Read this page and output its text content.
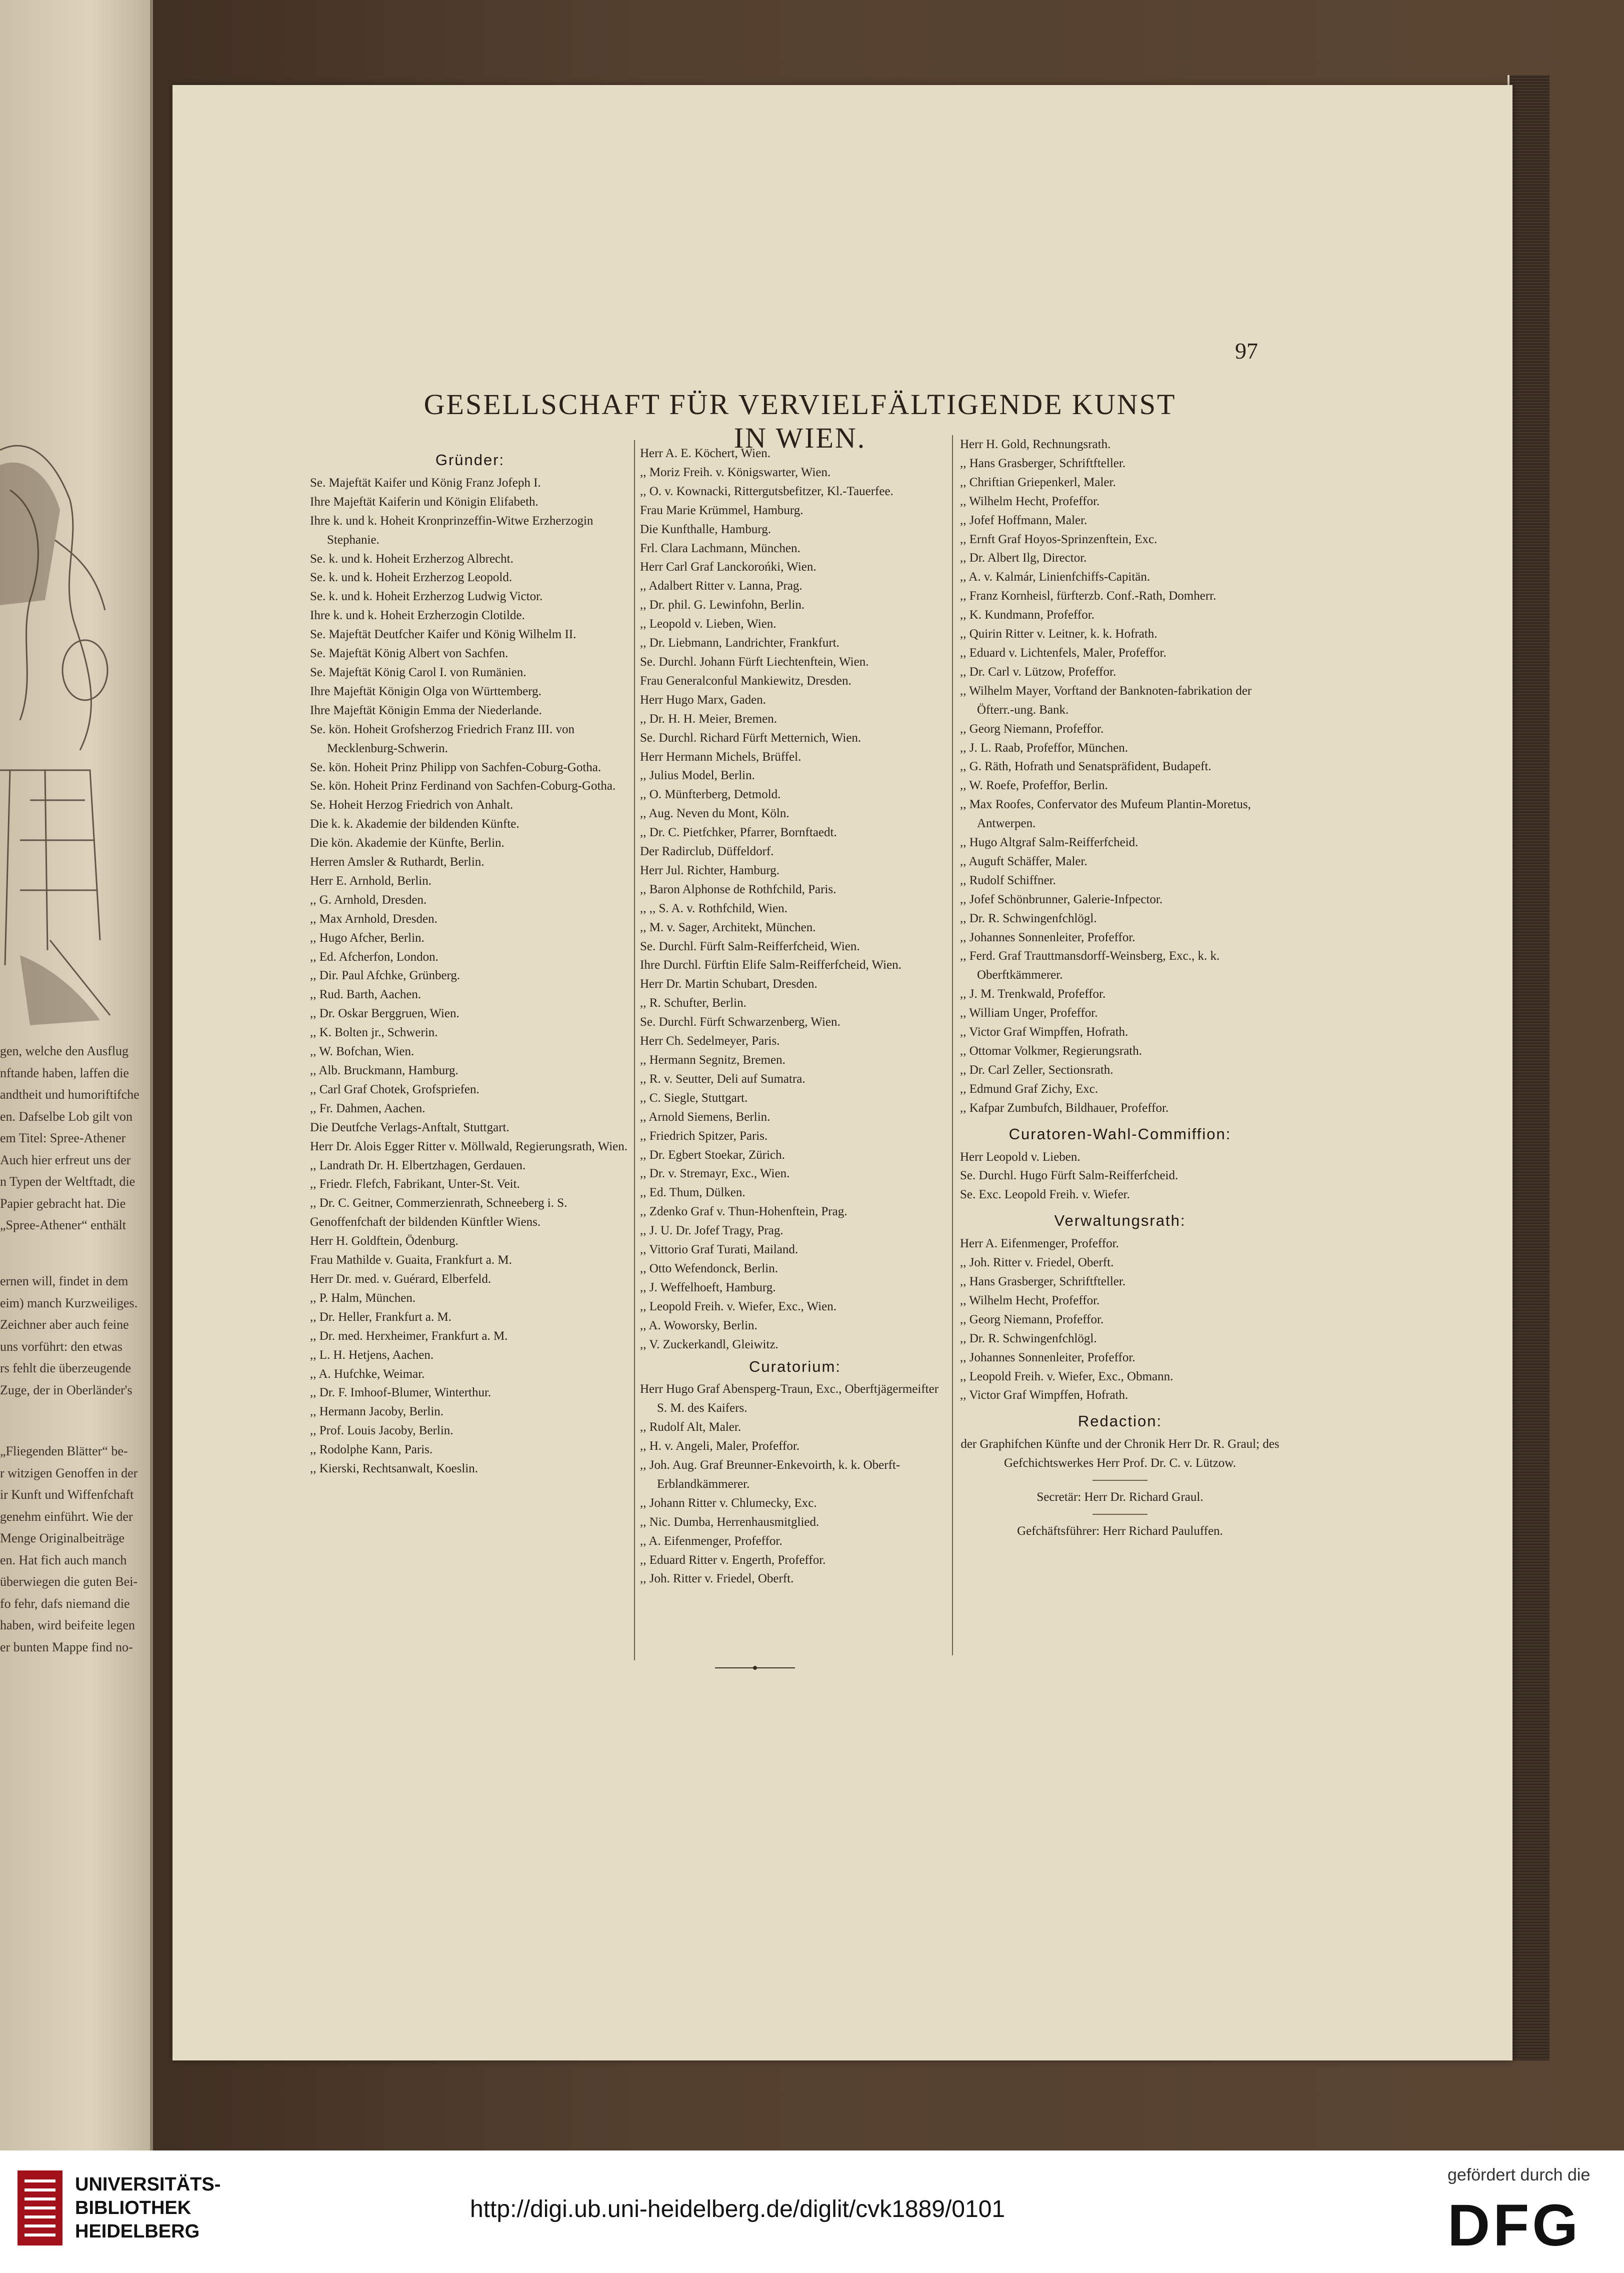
gen, welche den Ausflug
nftande haben, laffen die
andtheit und humoriftifche
en. Dafselbe Lob gilt von
em Titel: Spree-Athener
Auch hier erfreut uns der
n Typen der Weltftadt, die
Papier gebracht hat. Die
„Spree-Athener“ enthält
ernen will, findet in dem
eim) manch Kurzweiliges.
Zeichner aber auch feine
uns vorführt: den etwas
rs fehlt die überzeugende
Zuge, der in Oberländer's
„Fliegenden Blätter“ be-
r witzigen Genoffen in der
ir Kunft und Wiffenfchaft
genehm einführt. Wie der
Menge Originalbeiträge
en. Hat fich auch manch
überwiegen die guten Bei-
fo fehr, dafs niemand die
haben, wird beifeite legen
er bunten Mappe find no-
97
GESELLSCHAFT FÜR VERVIELFÄLTIGENDE KUNST IN WIEN.
Gründer:
Se. Majeftät Kaifer und König Franz Jofeph I.
Ihre Majeftät Kaiferin und Königin Elifabeth.
Ihre k. und k. Hoheit Kronprinzeffin-Witwe Erzherzogin Stephanie.
Se. k. und k. Hoheit Erzherzog Albrecht.
Se. k. und k. Hoheit Erzherzog Leopold.
Se. k. und k. Hoheit Erzherzog Ludwig Victor.
Ihre k. und k. Hoheit Erzherzogin Clotilde.
Se. Majeftät Deutfcher Kaifer und König Wilhelm II.
Se. Majeftät König Albert von Sachfen.
Se. Majeftät König Carol I. von Rumänien.
Ihre Majeftät Königin Olga von Württemberg.
Ihre Majeftät Königin Emma der Niederlande.
Se. kön. Hoheit Grofsherzog Friedrich Franz III. von Mecklenburg-Schwerin.
Se. kön. Hoheit Prinz Philipp von Sachfen-Coburg-Gotha.
Se. kön. Hoheit Prinz Ferdinand von Sachfen-Coburg-Gotha.
Se. Hoheit Herzog Friedrich von Anhalt.
Die k. k. Akademie der bildenden Künfte.
Die kön. Akademie der Künfte, Berlin.
Herren Amsler & Ruthardt, Berlin.
Herr E. Arnhold, Berlin.
,, G. Arnhold, Dresden.
,, Max Arnhold, Dresden.
,, Hugo Afcher, Berlin.
,, Ed. Afcherfon, London.
,, Dir. Paul Afchke, Grünberg.
,, Rud. Barth, Aachen.
,, Dr. Oskar Berggruen, Wien.
,, K. Bolten jr., Schwerin.
,, W. Bofchan, Wien.
,, Alb. Bruckmann, Hamburg.
,, Carl Graf Chotek, Grofspriefen.
,, Fr. Dahmen, Aachen.
Die Deutfche Verlags-Anftalt, Stuttgart.
Herr Dr. Alois Egger Ritter v. Möllwald, Regierungsrath, Wien.
,, Landrath Dr. H. Elbertzhagen, Gerdauen.
,, Friedr. Flefch, Fabrikant, Unter-St. Veit.
,, Dr. C. Geitner, Commerzienrath, Schneeberg i. S.
Genoffenfchaft der bildenden Künftler Wiens.
Herr H. Goldftein, Ödenburg.
Frau Mathilde v. Guaita, Frankfurt a. M.
Herr Dr. med. v. Guérard, Elberfeld.
,, P. Halm, München.
,, Dr. Heller, Frankfurt a. M.
,, Dr. med. Herxheimer, Frankfurt a. M.
,, L. H. Hetjens, Aachen.
,, A. Hufchke, Weimar.
,, Dr. F. Imhoof-Blumer, Winterthur.
,, Hermann Jacoby, Berlin.
,, Prof. Louis Jacoby, Berlin.
,, Rodolphe Kann, Paris.
,, Kierski, Rechtsanwalt, Koeslin.
Herr A. E. Köchert, Wien.
,, Moriz Freih. v. Königswarter, Wien.
,, O. v. Kownacki, Rittergutsbefitzer, Kl.-Tauerfee.
Frau Marie Krümmel, Hamburg.
Die Kunfthalle, Hamburg.
Frl. Clara Lachmann, München.
Herr Carl Graf Lanckorońki, Wien.
,, Adalbert Ritter v. Lanna, Prag.
,, Dr. phil. G. Lewinfohn, Berlin.
,, Leopold v. Lieben, Wien.
,, Dr. Liebmann, Landrichter, Frankfurt.
Se. Durchl. Johann Fürft Liechtenftein, Wien.
Frau Generalconful Mankiewitz, Dresden.
Herr Hugo Marx, Gaden.
,, Dr. H. H. Meier, Bremen.
Se. Durchl. Richard Fürft Metternich, Wien.
Herr Hermann Michels, Brüffel.
,, Julius Model, Berlin.
,, O. Münfterberg, Detmold.
,, Aug. Neven du Mont, Köln.
,, Dr. C. Pietfchker, Pfarrer, Bornftaedt.
Der Radirclub, Düffeldorf.
Herr Jul. Richter, Hamburg.
,, Baron Alphonse de Rothfchild, Paris.
,, ,, S. A. v. Rothfchild, Wien.
,, M. v. Sager, Architekt, München.
Se. Durchl. Fürft Salm-Reifferfcheid, Wien.
Ihre Durchl. Fürftin Elife Salm-Reifferfcheid, Wien.
Herr Dr. Martin Schubart, Dresden.
,, R. Schufter, Berlin.
Se. Durchl. Fürft Schwarzenberg, Wien.
Herr Ch. Sedelmeyer, Paris.
,, Hermann Segnitz, Bremen.
,, R. v. Seutter, Deli auf Sumatra.
,, C. Siegle, Stuttgart.
,, Arnold Siemens, Berlin.
,, Friedrich Spitzer, Paris.
,, Dr. Egbert Stoekar, Zürich.
,, Dr. v. Stremayr, Exc., Wien.
,, Ed. Thum, Dülken.
,, Zdenko Graf v. Thun-Hohenftein, Prag.
,, J. U. Dr. Jofef Tragy, Prag.
,, Vittorio Graf Turati, Mailand.
,, Otto Wefendonck, Berlin.
,, J. Weffelhoeft, Hamburg.
,, Leopold Freih. v. Wiefer, Exc., Wien.
,, A. Woworsky, Berlin.
,, V. Zuckerkandl, Gleiwitz.
Curatorium:
Herr Hugo Graf Abensperg-Traun, Exc., Oberftjägermeifter S. M. des Kaifers.
,, Rudolf Alt, Maler.
,, H. v. Angeli, Maler, Profeffor.
,, Joh. Aug. Graf Breunner-Enkevoirth, k. k. Oberft-Erblandkämmerer.
,, Johann Ritter v. Chlumecky, Exc.
,, Nic. Dumba, Herrenhausmitglied.
,, A. Eifenmenger, Profeffor.
,, Eduard Ritter v. Engerth, Profeffor.
,, Joh. Ritter v. Friedel, Oberft.
Herr H. Gold, Rechnungsrath.
,, Hans Grasberger, Schriftfteller.
,, Chriftian Griepenkerl, Maler.
,, Wilhelm Hecht, Profeffor.
,, Jofef Hoffmann, Maler.
,, Ernft Graf Hoyos-Sprinzenftein, Exc.
,, Dr. Albert Ilg, Director.
,, A. v. Kalmár, Linienfchiffs-Capitän.
,, Franz Kornheisl, fürfterzb. Conf.-Rath, Domherr.
,, K. Kundmann, Profeffor.
,, Quirin Ritter v. Leitner, k. k. Hofrath.
,, Eduard v. Lichtenfels, Maler, Profeffor.
,, Dr. Carl v. Lützow, Profeffor.
,, Wilhelm Mayer, Vorftand der Banknoten-fabrikation der Öfterr.-ung. Bank.
,, Georg Niemann, Profeffor.
,, J. L. Raab, Profeffor, München.
,, G. Räth, Hofrath und Senatspräfident, Budapeft.
,, W. Roefe, Profeffor, Berlin.
,, Max Roofes, Confervator des Mufeum Plantin-Moretus, Antwerpen.
,, Hugo Altgraf Salm-Reifferfcheid.
,, Auguft Schäffer, Maler.
,, Rudolf Schiffner.
,, Jofef Schönbrunner, Galerie-Infpector.
,, Dr. R. Schwingenfchlögl.
,, Johannes Sonnenleiter, Profeffor.
,, Ferd. Graf Trauttmansdorff-Weinsberg, Exc., k. k. Oberftkämmerer.
,, J. M. Trenkwald, Profeffor.
,, William Unger, Profeffor.
,, Victor Graf Wimpffen, Hofrath.
,, Ottomar Volkmer, Regierungsrath.
,, Dr. Carl Zeller, Sectionsrath.
,, Edmund Graf Zichy, Exc.
,, Kafpar Zumbufch, Bildhauer, Profeffor.
Curatoren-Wahl-Commiffion:
Herr Leopold v. Lieben.
Se. Durchl. Hugo Fürft Salm-Reifferfcheid.
Se. Exc. Leopold Freih. v. Wiefer.
Verwaltungsrath:
Herr A. Eifenmenger, Profeffor.
,, Joh. Ritter v. Friedel, Oberft.
,, Hans Grasberger, Schriftfteller.
,, Wilhelm Hecht, Profeffor.
,, Georg Niemann, Profeffor.
,, Dr. R. Schwingenfchlögl.
,, Johannes Sonnenleiter, Profeffor.
,, Leopold Freih. v. Wiefer, Exc., Obmann.
,, Victor Graf Wimpffen, Hofrath.
Redaction:
der Graphifchen Künfte und der Chronik Herr Dr. R. Graul; des Gefchichtswerkes Herr Prof. Dr. C. v. Lützow.
Secretär: Herr Dr. Richard Graul.
Gefchäftsführer: Herr Richard Pauluffen.
UNIVERSITÄTS-
BIBLIOTHEK
HEIDELBERG
http://digi.ub.uni-heidelberg.de/diglit/cvk1889/0101
gefördert durch die
DFG
